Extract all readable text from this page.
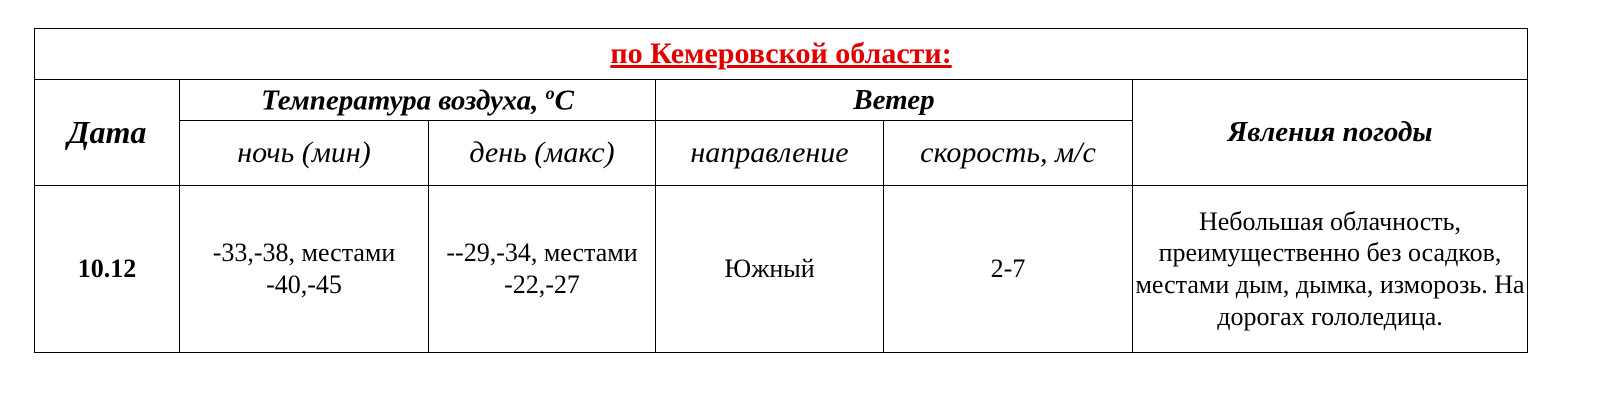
по Кемеровской области:					
Дата	Температура воздуха, $^o$C		Ветер		Явления погоды
	ночь (мин)	день (макс)	направление	скорость, м/с	
10.12	-33,-38, местами -40,-45	--29,-34, местами -22,-27	Южный	2-7	Небольшая облачность, преимущественно без осадков, местами дым, дымка, изморозь. На дорогах гололедица.
